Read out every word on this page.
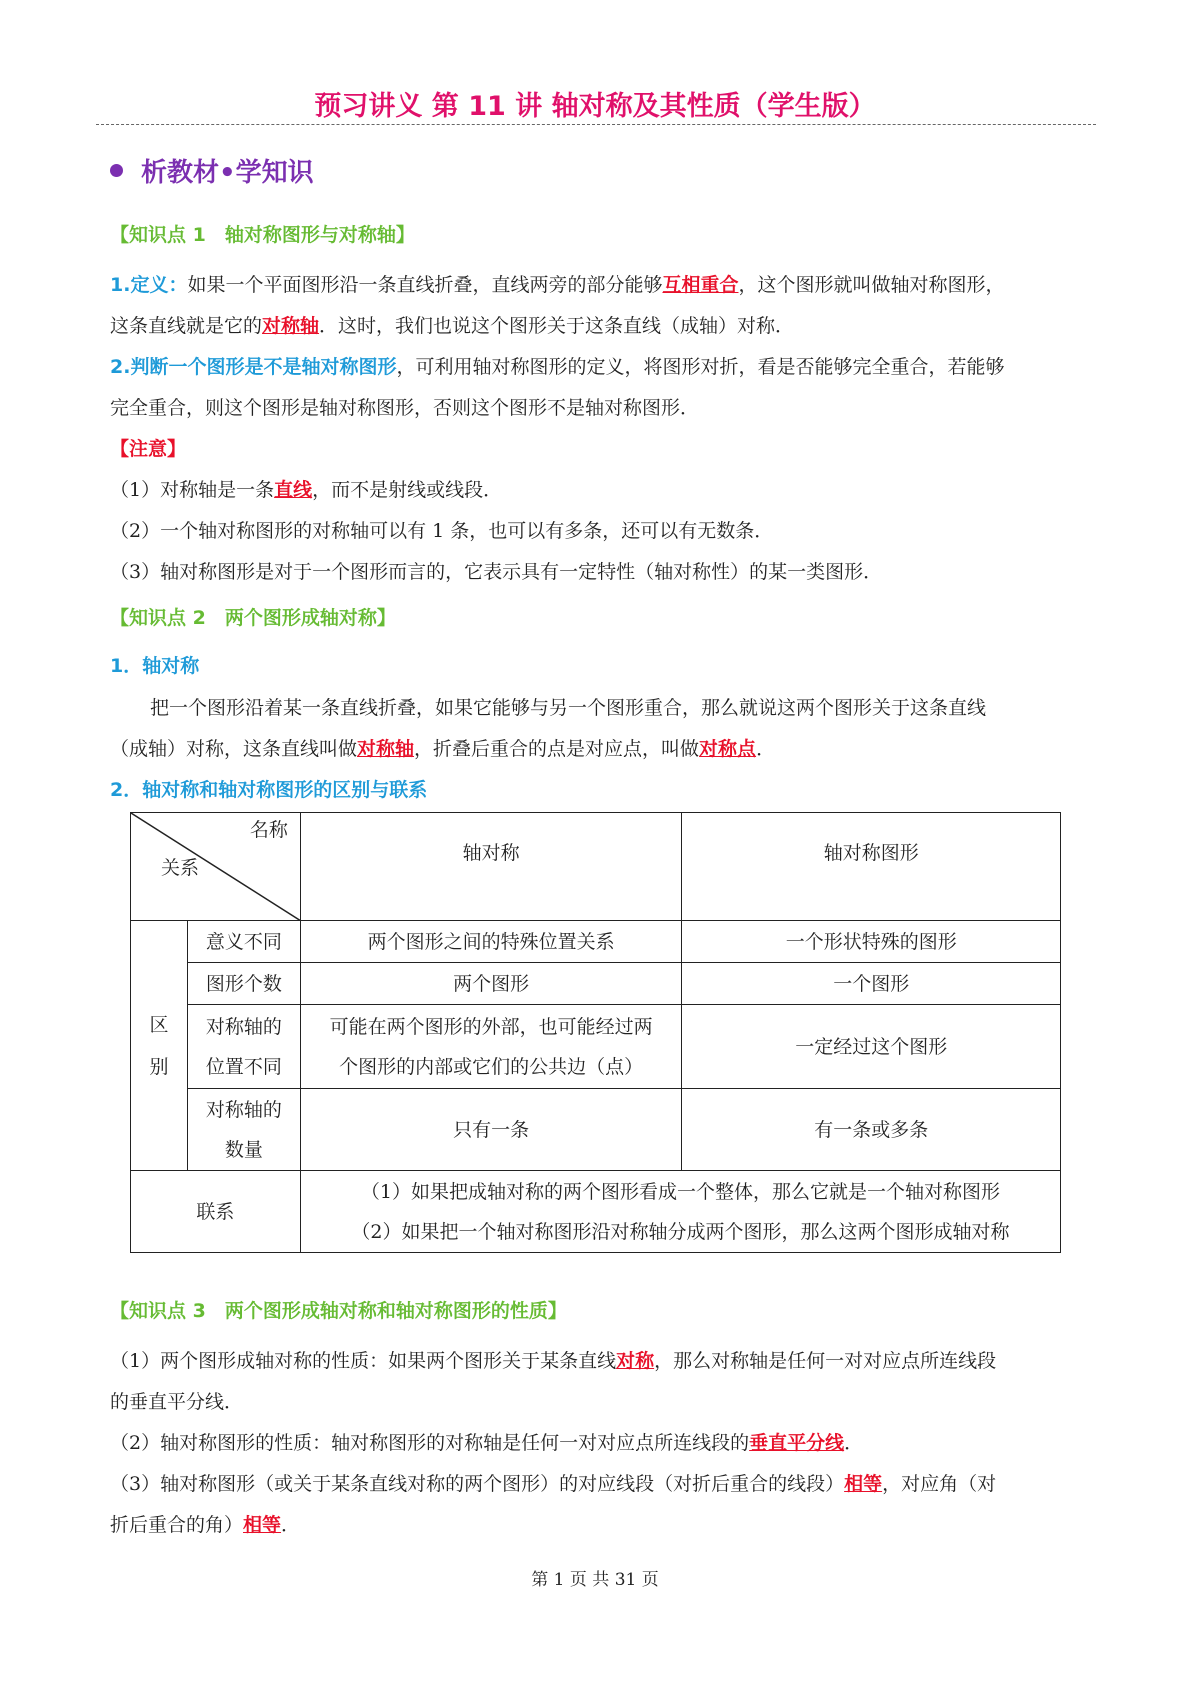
预习讲义 第 11 讲 轴对称及其性质（学生版）
析教材•学知识
【知识点 1　轴对称图形与对称轴】
1.定义：如果一个平面图形沿一条直线折叠，直线两旁的部分能够互相重合，这个图形就叫做轴对称图形，
这条直线就是它的对称轴．这时，我们也说这个图形关于这条直线（成轴）对称．
2.判断一个图形是不是轴对称图形，可利用轴对称图形的定义，将图形对折，看是否能够完全重合，若能够
完全重合，则这个图形是轴对称图形，否则这个图形不是轴对称图形．
【注意】
（1）对称轴是一条直线，而不是射线或线段．
（2）一个轴对称图形的对称轴可以有 1 条，也可以有多条，还可以有无数条．
（3）轴对称图形是对于一个图形而言的，它表示具有一定特性（轴对称性）的某一类图形．
【知识点 2　两个图形成轴对称】
1．轴对称
把一个图形沿着某一条直线折叠，如果它能够与另一个图形重合，那么就说这两个图形关于这条直线
（成轴）对称，这条直线叫做对称轴，折叠后重合的点是对应点，叫做对称点．
2．轴对称和轴对称图形的区别与联系
名称
关系		轴对称	轴对称图形
区
别	意义不同	两个图形之间的特殊位置关系	一个形状特殊的图形
	图形个数	两个图形	一个图形
	对称轴的
位置不同	可能在两个图形的外部，也可能经过两
个图形的内部或它们的公共边（点）	一定经过这个图形
	对称轴的
数量	只有一条	有一条或多条
联系		（1）如果把成轴对称的两个图形看成一个整体，那么它就是一个轴对称图形
（2）如果把一个轴对称图形沿对称轴分成两个图形，那么这两个图形成轴对称	
【知识点 3　两个图形成轴对称和轴对称图形的性质】
（1）两个图形成轴对称的性质：如果两个图形关于某条直线对称，那么对称轴是任何一对对应点所连线段
的垂直平分线．
（2）轴对称图形的性质：轴对称图形的对称轴是任何一对对应点所连线段的垂直平分线．
（3）轴对称图形（或关于某条直线对称的两个图形）的对应线段（对折后重合的线段）相等，对应角（对
折后重合的角）相等．
第 1 页 共 31 页
